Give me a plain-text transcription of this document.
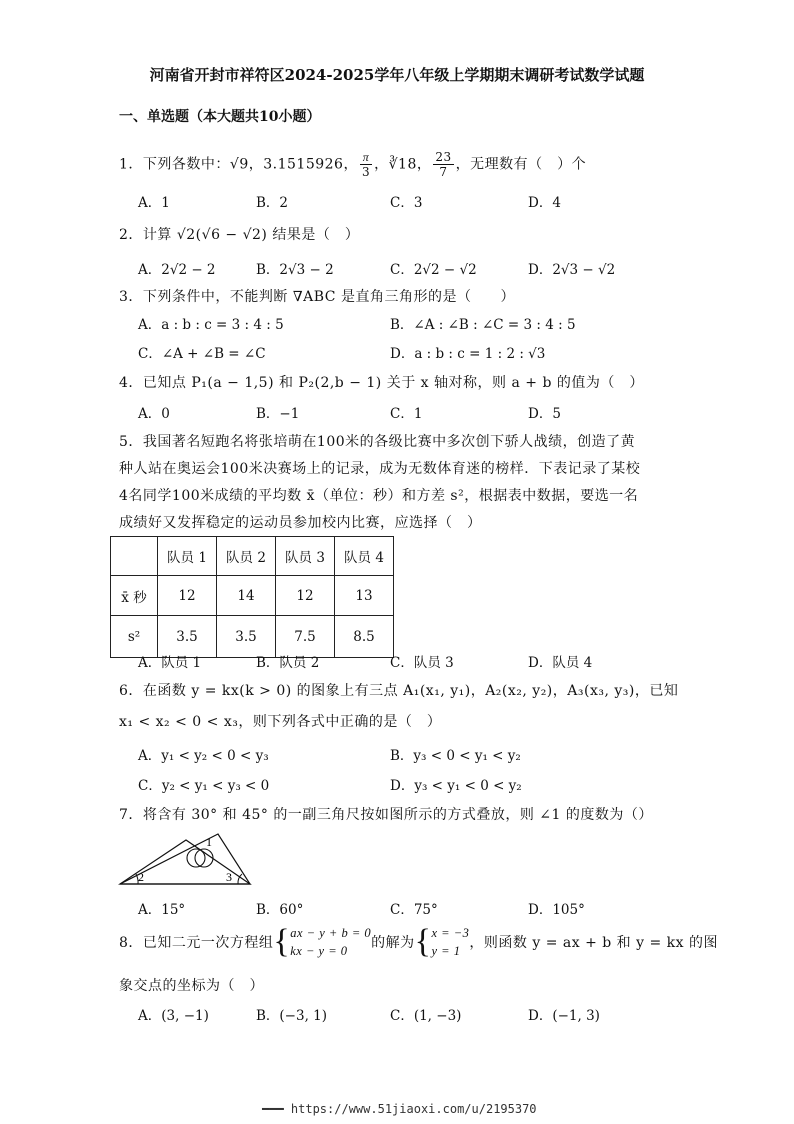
河南省开封市祥符区2024-2025学年八年级上学期期末调研考试数学试题
一、单选题（本大题共10小题）
1．下列各数中：√9，3.1515926， $\frac{\pi}{3}$ ，∛18， $\frac{23}{7}$ ，无理数有（　）个
A．1	B．2	C．3	D．4
2．计算 √2(√6 − √2) 结果是（　）
A．2√2 − 2	B．2√3 − 2	C．2√2 − √2	D．2√3 − √2
3．下列条件中，不能判断 ∇ABC 是直角三角形的是（　　）
A．a : b : c = 3 : 4 : 5	B．∠A : ∠B : ∠C = 3 : 4 : 5
C．∠A + ∠B = ∠C	D．a : b : c = 1 : 2 : √3
4．已知点 P₁(a − 1,5) 和 P₂(2,b − 1) 关于 x 轴对称，则 a + b 的值为（　）
A．0	B．−1	C．1	D．5
5．我国著名短跑名将张培萌在100米的各级比赛中多次创下骄人战绩，创造了黄
种人站在奥运会100米决赛场上的记录，成为无数体育迷的榜样．下表记录了某校
4名同学100米成绩的平均数 x̄（单位：秒）和方差 s²，根据表中数据，要选一名
成绩好又发挥稳定的运动员参加校内比赛，应选择（　）
	队员 1	队员 2	队员 3	队员 4
x̄ 秒	12	14	12	13
s²	3.5	3.5	7.5	8.5
A．队员 1	B．队员 2	C．队员 3	D．队员 4
6．在函数 y = kx(k > 0) 的图象上有三点 A₁(x₁, y₁)，A₂(x₂, y₂)，A₃(x₃, y₃)，已知
x₁ < x₂ < 0 < x₃，则下列各式中正确的是（　）
A．y₁ < y₂ < 0 < y₃	B．y₃ < 0 < y₁ < y₂
C．y₂ < y₁ < y₃ < 0	D．y₃ < y₁ < 0 < y₂
7．将含有 30° 和 45° 的一副三角尺按如图所示的方式叠放，则 ∠1 的度数为（）
1
2	3
A．15°	B．60°	C．75°	D．105°
8．已知二元一次方程组{ ax − y + b = 0
kx − y = 0	的解为{ x = −3
y = 1 ，则函数 y = ax + b 和 y = kx 的图
象交点的坐标为（　）
A．(3, −1)	B．(−3, 1)	C．(1, −3)	D．(−1, 3)
━━━ https://www.51jiaoxi.com/u/2195370
